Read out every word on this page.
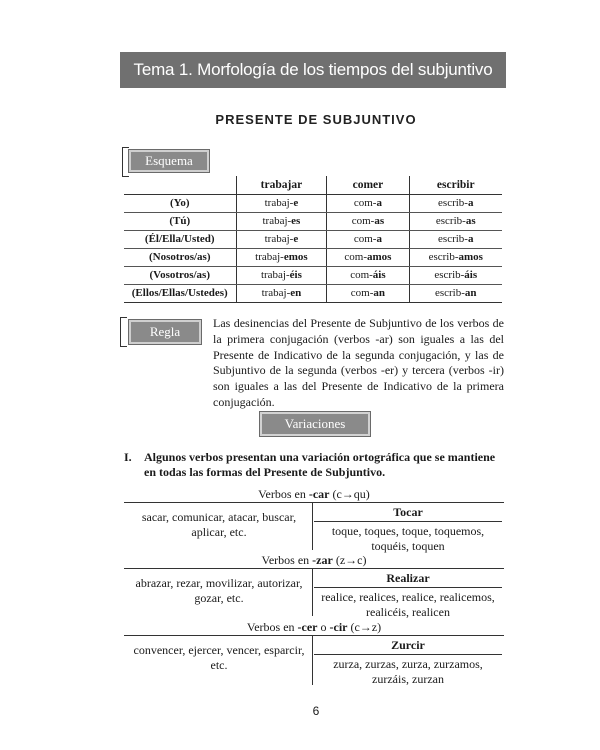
Tema 1. Morfología de los tiempos del subjuntivo
PRESENTE DE SUBJUNTIVO
Esquema
	trabajar	comer	escribir
(Yo)	trabaj-e	com-a	escrib-a
(Tú)	trabaj-es	com-as	escrib-as
(Él/Ella/Usted)	trabaj-e	com-a	escrib-a
(Nosotros/as)	trabaj-emos	com-amos	escrib-amos
(Vosotros/as)	trabaj-éis	com-áis	escrib-áis
(Ellos/Ellas/Ustedes)	trabaj-en	com-an	escrib-an
Regla
Las desinencias del Presente de Subjuntivo de los verbos de la primera conjugación (verbos -ar) son iguales a las del Presente de Indicativo de la segunda conjugación, y las de Subjuntivo de la segunda (verbos -er) y tercera (verbos -ir) son iguales a las del Presente de Indicativo de la primera conjugación.
Variaciones
I. Algunos verbos presentan una variación ortográfica que se mantiene en todas las formas del Presente de Subjuntivo.
Verbos en -car (c→qu)
sacar, comunicar, atacar, buscar, aplicar, etc.
Tocar
toque, toques, toque, toquemos, toquéis, toquen
Verbos en -zar (z→c)
abrazar, rezar, movilizar, autorizar, gozar, etc.
Realizar
realice, realices, realice, realicemos, realicéis, realicen
Verbos en -cer o -cir (c→z)
convencer, ejercer, vencer, esparcir, etc.
Zurcir
zurza, zurzas, zurza, zurzamos, zurzáis, zurzan
6
